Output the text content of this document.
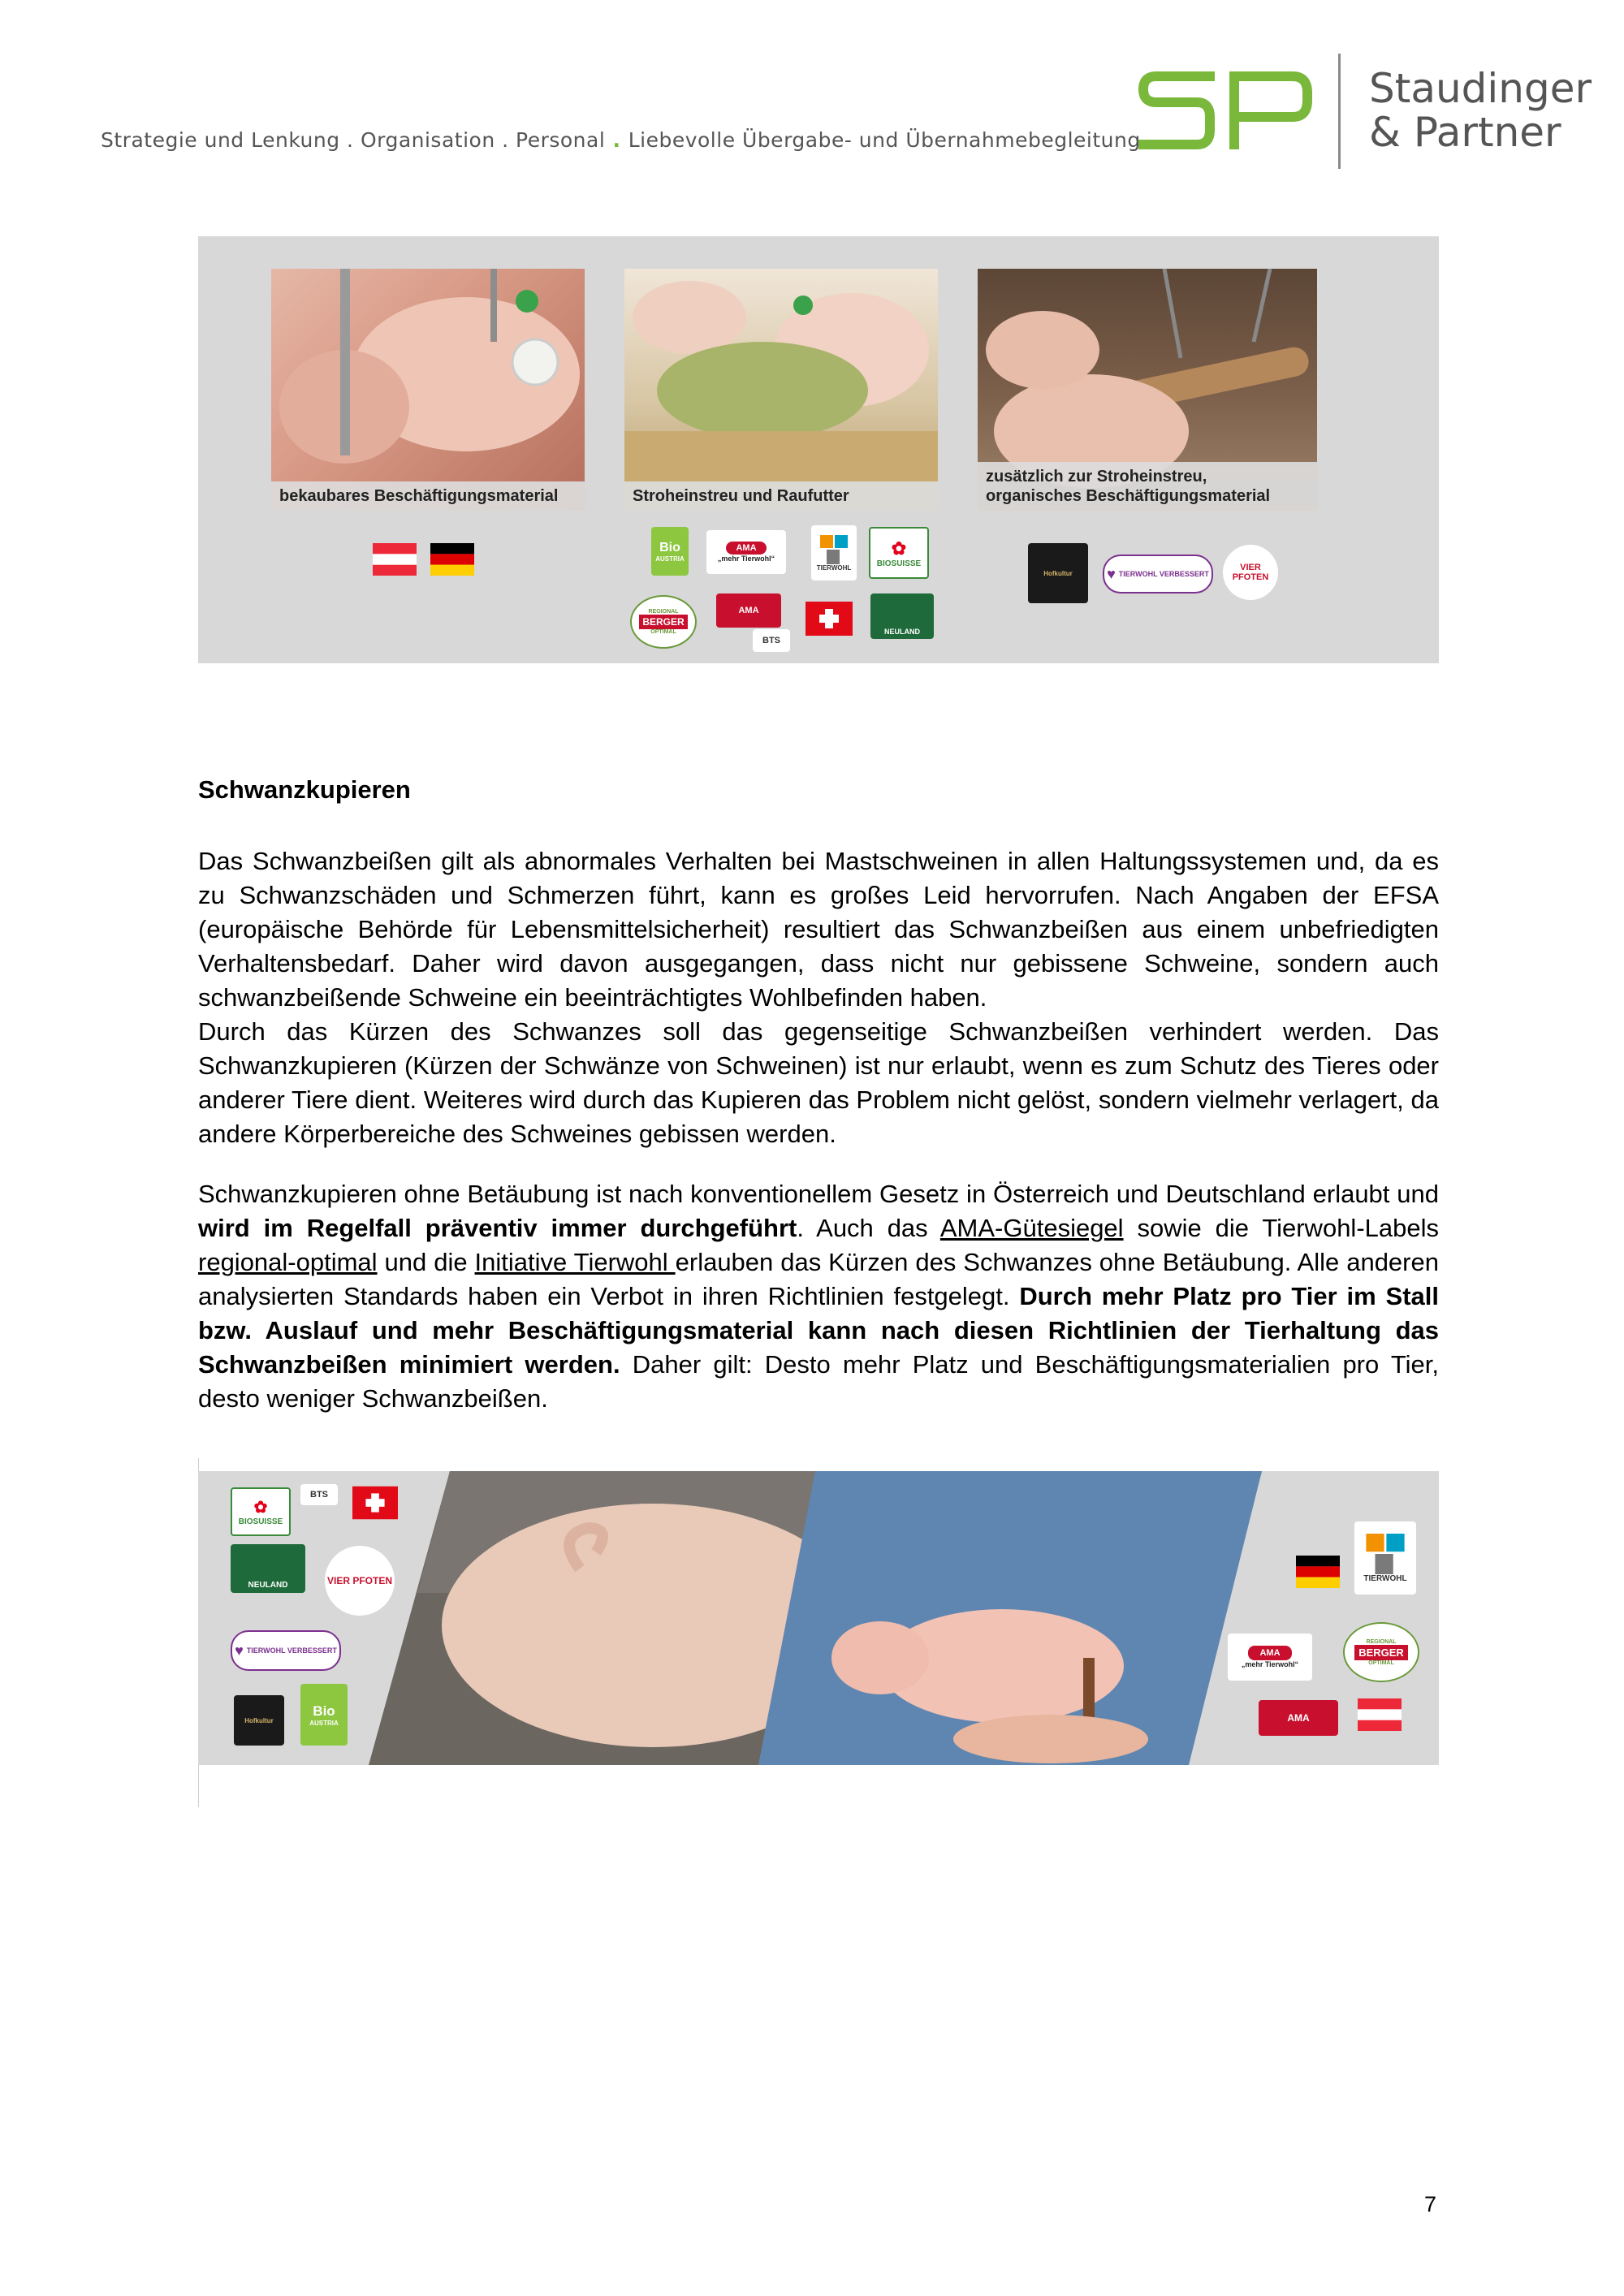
Strategie und Lenkung . Organisation . Personal . Liebevolle Übergabe- und Übernahmebegleitung
Staudinger
& Partner
bekaubares Beschäftigungsmaterial	Stroheinstreu und Raufutter
zusätzlich zur Stroheinstreu,
organisches Beschäftigungsmaterial
Bio
AUSTRIA
AMA
„mehr Tierwohl“
TIERWOHL
✿
BIOSUISSE
REGIONAL
BERGER
OPTIMAL
AMA
BTS
NEULAND
Hofkultur ♥ TIERWOHL VERBESSERT
VIER PFOTEN
Schwanzkupieren

Das Schwanzbeißen gilt als abnormales Verhalten bei Mastschweinen in allen Haltungssystemen und, da es zu Schwanzschäden und Schmerzen führt, kann es großes Leid hervorrufen. Nach Angaben der EFSA (europäische Behörde für Lebensmittelsicherheit) resultiert das Schwanzbeißen aus einem unbefriedigten Verhaltensbedarf. Daher wird davon ausgegangen, dass nicht nur gebissene Schweine, sondern auch schwanzbeißende Schweine ein beeinträchtigtes Wohlbefinden haben.

Durch das Kürzen des Schwanzes soll das gegenseitige Schwanzbeißen verhindert werden. Das Schwanzkupieren (Kürzen der Schwänze von Schweinen) ist nur erlaubt, wenn es zum Schutz des Tieres oder anderer Tiere dient. Weiteres wird durch das Kupieren das Problem nicht gelöst, sondern vielmehr verlagert, da andere Körperbereiche des Schweines gebissen werden.

Schwanzkupieren ohne Betäubung ist nach konventionellem Gesetz in Österreich und Deutschland erlaubt und wird im Regelfall präventiv immer durchgeführt. Auch das AMA-Gütesiegel sowie die Tierwohl-Labels regional-optimal und die Initiative Tierwohl erlauben das Kürzen des Schwanzes ohne Betäubung. Alle anderen analysierten Standards haben ein Verbot in ihren Richtlinien festgelegt. Durch mehr Platz pro Tier im Stall bzw. Auslauf und mehr Beschäftigungsmaterial kann nach diesen Richtlinien der Tierhaltung das Schwanzbeißen minimiert werden. Daher gilt: Desto mehr Platz und Beschäftigungsmaterialien pro Tier, desto weniger Schwanzbeißen.

✿
BIOSUISSE
BTS
NEULAND	VIER PFOTEN
♥ TIERWOHL VERBESSERT
Hofkultur
Bio
AUSTRIA
TIERWOHL
AMA
„mehr Tierwohl“
REGIONAL
BERGER
OPTIMAL
AMA
7
